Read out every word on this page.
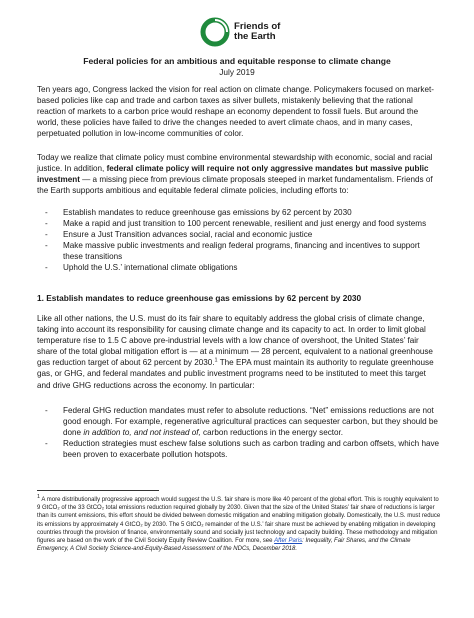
Friends of
the Earth
Federal policies for an ambitious and equitable response to climate change
July 2019

Ten years ago, Congress lacked the vision for real action on climate change. Policymakers focused on market-based policies like cap and trade and carbon taxes as silver bullets, mistakenly believing that the rational reaction of markets to a carbon price would reshape an economy dependent to fossil fuels. But around the world, these policies have failed to drive the changes needed to avert climate chaos, and in many cases, perpetuated pollution in low-income communities of color.

Today we realize that climate policy must combine environmental stewardship with economic, social and racial justice. In addition, federal climate policy will require not only aggressive mandates but massive public investment — a missing piece from previous climate proposals steeped in market fundamentalism. Friends of the Earth supports ambitious and equitable federal climate policies, including efforts to:

- Establish mandates to reduce greenhouse gas emissions by 62 percent by 2030
- Make a rapid and just transition to 100 percent renewable, resilient and just energy and food systems
- Ensure a Just Transition advances social, racial and economic justice
- Make massive public investments and realign federal programs, financing and incentives to support these transitions
- Uphold the U.S.’ international climate obligations
1. Establish mandates to reduce greenhouse gas emissions by 62 percent by 2030

Like all other nations, the U.S. must do its fair share to equitably address the global crisis of climate change, taking into account its responsibility for causing climate change and its capacity to act. In order to limit global temperature rise to 1.5 C above pre-industrial levels with a low chance of overshoot, the United States’ fair share of the total global mitigation effort is — at a minimum — 28 percent, equivalent to a national greenhouse gas reduction target of about 62 percent by 2030.$^1$ The EPA must maintain its authority to regulate greenhouse gas, or GHG, and federal mandates and public investment programs need to be instituted to meet this target and drive GHG reductions across the economy. In particular:

- Federal GHG reduction mandates must refer to absolute reductions. “Net” emissions reductions are not good enough. For example, regenerative agricultural practices can sequester carbon, but they should be done in addition to, and not instead of, carbon reductions in the energy sector.
- Reduction strategies must eschew false solutions such as carbon trading and carbon offsets, which have been proven to exacerbate pollution hotspots.
1 A more distributionally progressive approach would suggest the U.S. fair share is more like 40 percent of the global effort. This is roughly equivalent to 9 GtCO₂ of the 33 GtCO₂ total emissions reduction required globally by 2030. Given that the size of the United States’ fair share of reductions is larger than its current emissions, this effort should be divided between domestic mitigation and enabling mitigation globally. Domestically, the U.S. must reduce its emissions by approximately 4 GtCO₂ by 2030. The 5 GtCO₂ remainder of the U.S.’ fair share must be achieved by enabling mitigation in developing countries through the provision of finance, environmentally sound and socially just technology and capacity building. These methodology and mitigation figures are based on the work of the Civil Society Equity Review Coalition. For more, see After Paris: Inequality, Fair Shares, and the Climate Emergency, A Civil Society Science-and-Equity-Based Assessment of the NDCs, December 2018.
